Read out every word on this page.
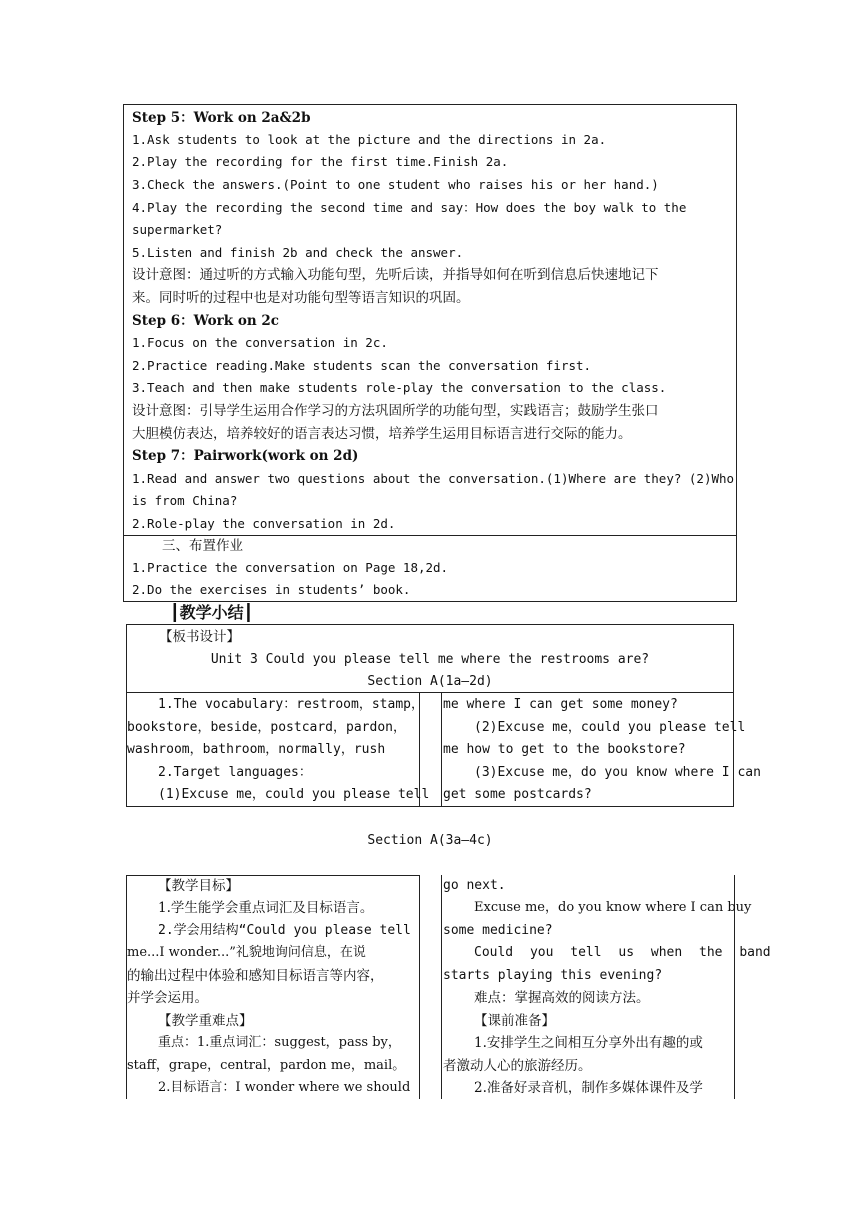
Step 5：Work on 2a&2b
1.Ask students to look at the picture and the directions in 2a.
2.Play the recording for the first time.Finish 2a.
3.Check the answers.(Point to one student who raises his or her hand.)
4.Play the recording the second time and say：How does the boy walk to the
supermarket?
5.Listen and finish 2b and check the answer.
设计意图：通过听的方式输入功能句型，先听后读，并指导如何在听到信息后快速地记下
来。同时听的过程中也是对功能句型等语言知识的巩固。
Step 6：Work on 2c
1.Focus on the conversation in 2c.
2.Practice reading.Make students scan the conversation first.
3.Teach and then make students role-play the conversation to the class.
设计意图：引导学生运用合作学习的方法巩固所学的功能句型，实践语言；鼓励学生张口
大胆模仿表达，培养较好的语言表达习惯，培养学生运用目标语言进行交际的能力。
Step 7：Pairwork(work on 2d)
1.Read and answer two questions about the conversation.(1)Where are they? (2)Who
is from China?
2.Role-play the conversation in 2d.
三、布置作业
1.Practice the conversation on Page 18,2d.
2.Do the exercises in students’ book.
┃教学小结┃
【板书设计】
Unit 3 Could you please tell me where the restrooms are?
Section A(1a—2d)
1.The vocabulary：restroom，stamp，
bookstore，beside，postcard，pardon，
washroom，bathroom，normally，rush
2.Target languages：
(1)Excuse me，could you please tell
me where I can get some money?
(2)Excuse me，could you please tell
me how to get to the bookstore?
(3)Excuse me，do you know where I can
get some postcards?
Section A(3a—4c)
【教学目标】
1.学生能学会重点词汇及目标语言。
2.学会用结构“Could you please tell
me...I wonder...”礼貌地询问信息，在说
的输出过程中体验和感知目标语言等内容，
并学会运用。
【教学重难点】
重点：1.重点词汇：suggest，pass by，
staff，grape，central，pardon me，mail。
2.目标语言：I wonder where we should
go next.
Excuse me，do you know where I can buy
some medicine?
Could you tell us when the band
starts playing this evening?
难点：掌握高效的阅读方法。
【课前准备】
1.安排学生之间相互分享外出有趣的或
者激动人心的旅游经历。
2.准备好录音机，制作多媒体课件及学
